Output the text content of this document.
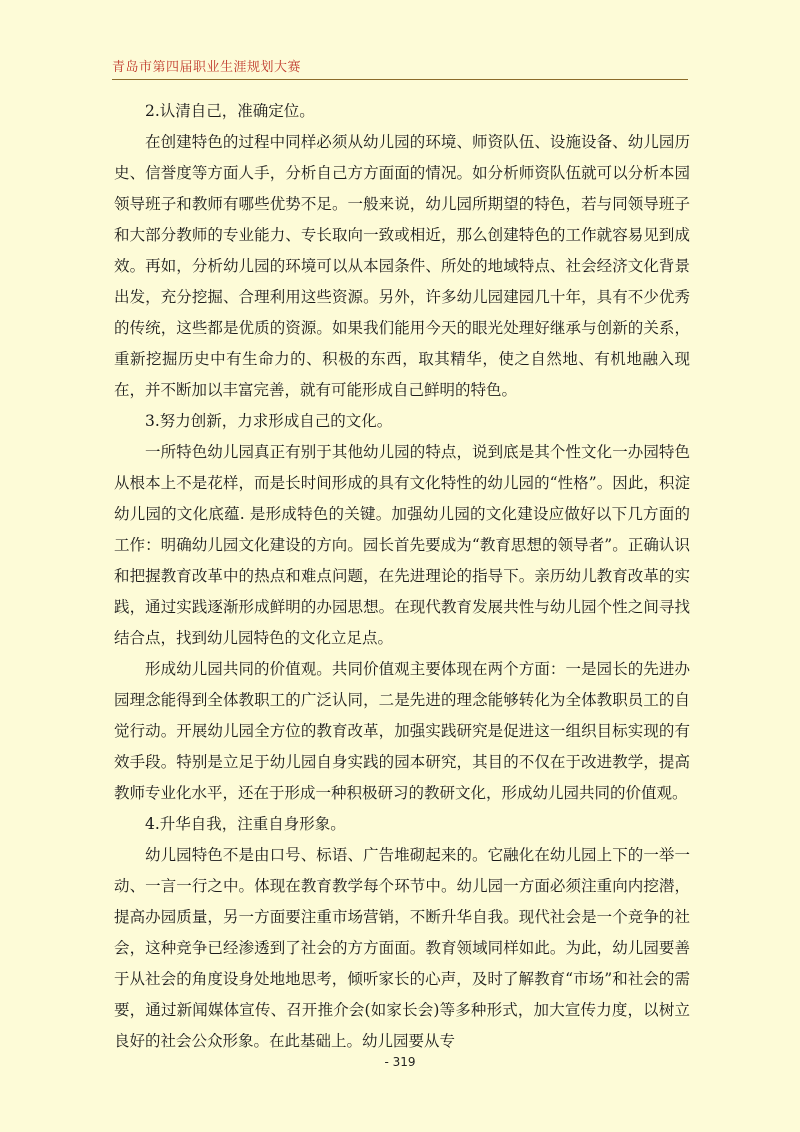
青岛市第四届职业生涯规划大赛

2.认清自己，准确定位。

在创建特色的过程中同样必须从幼儿园的环境、师资队伍、设施设备、幼儿园历史、信誉度等方面人手，分析自己方方面面的情况。如分析师资队伍就可以分析本园领导班子和教师有哪些优势不足。一般来说，幼儿园所期望的特色，若与同领导班子和大部分教师的专业能力、专长取向一致或相近，那么创建特色的工作就容易见到成效。再如，分析幼儿园的环境可以从本园条件、所处的地域特点、社会经济文化背景出发，充分挖掘、合理利用这些资源。另外，许多幼儿园建园几十年，具有不少优秀的传统，这些都是优质的资源。如果我们能用今天的眼光处理好继承与创新的关系，重新挖掘历史中有生命力的、积极的东西，取其精华，使之自然地、有机地融入现在，并不断加以丰富完善，就有可能形成自己鲜明的特色。

3.努力创新，力求形成自己的文化。

一所特色幼儿园真正有别于其他幼儿园的特点，说到底是其个性文化一办园特色从根本上不是花样，而是长时间形成的具有文化特性的幼儿园的“性格”。因此，积淀幼儿园的文化底蕴. 是形成特色的关键。加强幼儿园的文化建设应做好以下几方面的工作：明确幼儿园文化建设的方向。园长首先要成为“教育思想的领导者”。正确认识和把握教育改革中的热点和难点问题，在先进理论的指导下。亲历幼儿教育改革的实践，通过实践逐渐形成鲜明的办园思想。在现代教育发展共性与幼儿园个性之间寻找结合点，找到幼儿园特色的文化立足点。

形成幼儿园共同的价值观。共同价值观主要体现在两个方面：一是园长的先进办园理念能得到全体教职工的广泛认同，二是先进的理念能够转化为全体教职员工的自觉行动。开展幼儿园全方位的教育改革，加强实践研究是促进这一组织目标实现的有效手段。特别是立足于幼儿园自身实践的园本研究，其目的不仅在于改进教学，提高教师专业化水平，还在于形成一种积极研习的教研文化，形成幼儿园共同的价值观。

4.升华自我，注重自身形象。

幼儿园特色不是由口号、标语、广告堆砌起来的。它融化在幼儿园上下的一举一动、一言一行之中。体现在教育教学每个环节中。幼儿园一方面必须注重向内挖潜，提高办园质量，另一方面要注重市场营销，不断升华自我。现代社会是一个竞争的社会，这种竞争已经渗透到了社会的方方面面。教育领域同样如此。为此，幼儿园要善于从社会的角度设身处地地思考，倾听家长的心声，及时了解教育“市场”和社会的需要，通过新闻媒体宣传、召开推介会(如家长会)等多种形式，加大宣传力度，以树立良好的社会公众形象。在此基础上。幼儿园要从专

- 319
